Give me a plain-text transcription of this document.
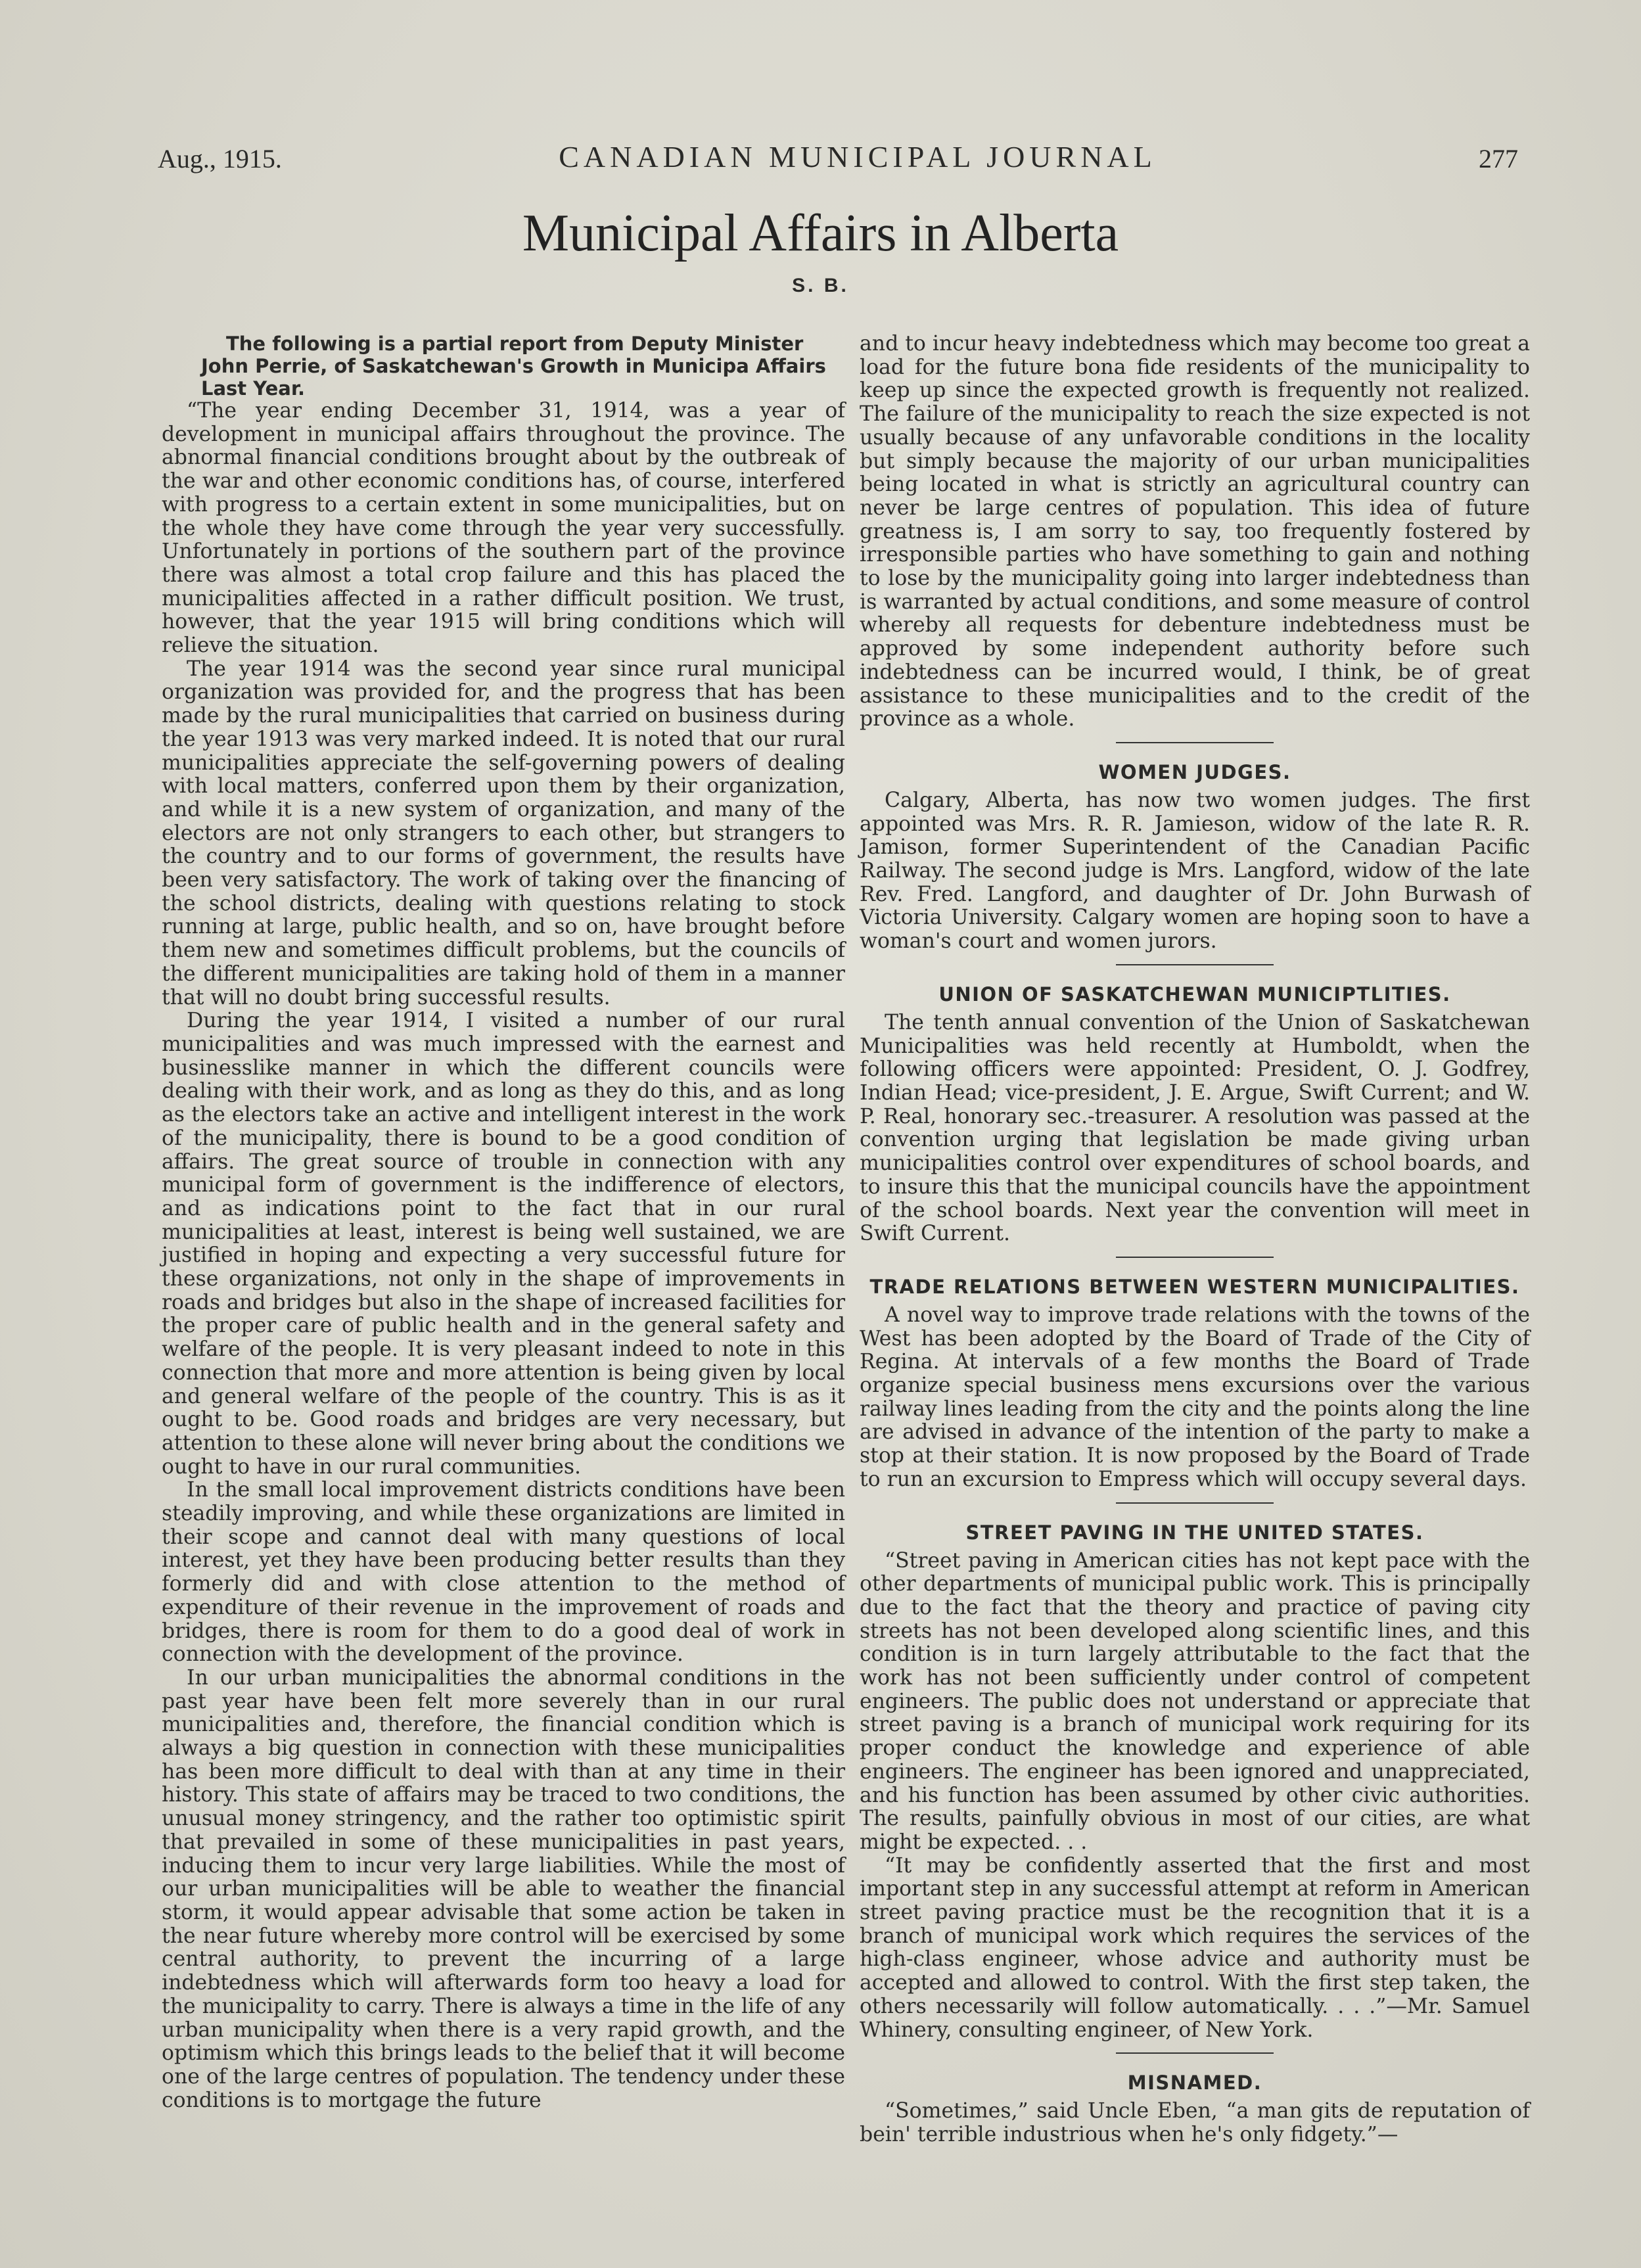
Aug., 1915.	CANADIAN MUNICIPAL JOURNAL	277
Municipal Affairs in Alberta
S. B.

The following is a partial report from Deputy Minister John Perrie, of Saskatchewan's Growth in Municipa Affairs Last Year.

“The year ending December 31, 1914, was a year of development in municipal affairs throughout the province. The abnormal financial conditions brought about by the outbreak of the war and other economic conditions has, of course, interfered with progress to a certain extent in some municipalities, but on the whole they have come through the year very successfully. Unfortunately in portions of the southern part of the province there was almost a total crop failure and this has placed the municipalities affected in a rather difficult position. We trust, however, that the year 1915 will bring conditions which will relieve the situation.

The year 1914 was the second year since rural municipal organization was provided for, and the progress that has been made by the rural municipalities that carried on business during the year 1913 was very marked indeed. It is noted that our rural municipalities appreciate the self-governing powers of dealing with local matters, conferred upon them by their organization, and while it is a new system of organization, and many of the electors are not only strangers to each other, but strangers to the country and to our forms of government, the results have been very satisfactory. The work of taking over the financing of the school districts, dealing with questions relating to stock running at large, public health, and so on, have brought before them new and sometimes difficult problems, but the councils of the different municipalities are taking hold of them in a manner that will no doubt bring successful results.

During the year 1914, I visited a number of our rural municipalities and was much impressed with the earnest and businesslike manner in which the different councils were dealing with their work, and as long as they do this, and as long as the electors take an active and intelligent interest in the work of the municipality, there is bound to be a good condition of affairs. The great source of trouble in connection with any municipal form of government is the indifference of electors, and as indications point to the fact that in our rural municipalities at least, interest is being well sustained, we are justified in hoping and expecting a very successful future for these organizations, not only in the shape of improvements in roads and bridges but also in the shape of increased facilities for the proper care of public health and in the general safety and welfare of the people. It is very pleasant indeed to note in this connection that more and more attention is being given by local and general welfare of the people of the country. This is as it ought to be. Good roads and bridges are very necessary, but attention to these alone will never bring about the conditions we ought to have in our rural communities.

In the small local improvement districts conditions have been steadily improving, and while these organizations are limited in their scope and cannot deal with many questions of local interest, yet they have been producing better results than they formerly did and with close attention to the method of expenditure of their revenue in the improvement of roads and bridges, there is room for them to do a good deal of work in connection with the development of the province.

In our urban municipalities the abnormal conditions in the past year have been felt more severely than in our rural municipalities and, therefore, the financial condition which is always a big question in connection with these municipalities has been more difficult to deal with than at any time in their history. This state of affairs may be traced to two conditions, the unusual money stringency, and the rather too optimistic spirit that prevailed in some of these municipalities in past years, inducing them to incur very large liabilities. While the most of our urban municipalities will be able to weather the financial storm, it would appear advisable that some action be taken in the near future whereby more control will be exercised by some central authority, to prevent the incurring of a large indebtedness which will afterwards form too heavy a load for the municipality to carry. There is always a time in the life of any urban municipality when there is a very rapid growth, and the optimism which this brings leads to the belief that it will become one of the large centres of population. The tendency under these conditions is to mortgage the future

and to incur heavy indebtedness which may become too great a load for the future bona fide residents of the municipality to keep up since the expected growth is frequently not realized. The failure of the municipality to reach the size expected is not usually because of any unfavorable conditions in the locality but simply because the majority of our urban municipalities being located in what is strictly an agricultural country can never be large centres of population. This idea of future greatness is, I am sorry to say, too frequently fostered by irresponsible parties who have something to gain and nothing to lose by the municipality going into larger indebtedness than is warranted by actual conditions, and some measure of control whereby all requests for debenture indebtedness must be approved by some independent authority before such indebtedness can be incurred would, I think, be of great assistance to these municipalities and to the credit of the province as a whole.

WOMEN JUDGES.

Calgary, Alberta, has now two women judges. The first appointed was Mrs. R. R. Jamieson, widow of the late R. R. Jamison, former Superintendent of the Canadian Pacific Railway. The second judge is Mrs. Langford, widow of the late Rev. Fred. Langford, and daughter of Dr. John Burwash of Victoria University. Calgary women are hoping soon to have a woman's court and women jurors.

UNION OF SASKATCHEWAN MUNICIPTLITIES.

The tenth annual convention of the Union of Saskatchewan Municipalities was held recently at Humboldt, when the following officers were appointed: President, O. J. Godfrey, Indian Head; vice-president, J. E. Argue, Swift Current; and W. P. Real, honorary sec.-treasurer. A resolution was passed at the convention urging that legislation be made giving urban municipalities control over expenditures of school boards, and to insure this that the municipal councils have the appointment of the school boards. Next year the convention will meet in Swift Current.

TRADE RELATIONS BETWEEN WESTERN MUNICIPALITIES.

A novel way to improve trade relations with the towns of the West has been adopted by the Board of Trade of the City of Regina. At intervals of a few months the Board of Trade organize special business mens excursions over the various railway lines leading from the city and the points along the line are advised in advance of the intention of the party to make a stop at their station. It is now proposed by the Board of Trade to run an excursion to Empress which will occupy several days.

STREET PAVING IN THE UNITED STATES.

“Street paving in American cities has not kept pace with the other departments of municipal public work. This is principally due to the fact that the theory and practice of paving city streets has not been developed along scientific lines, and this condition is in turn largely attributable to the fact that the work has not been sufficiently under control of competent engineers. The public does not understand or appreciate that street paving is a branch of municipal work requiring for its proper conduct the knowledge and experience of able engineers. The engineer has been ignored and unappreciated, and his function has been assumed by other civic authorities. The results, painfully obvious in most of our cities, are what might be expected. . .

“It may be confidently asserted that the first and most important step in any successful attempt at reform in American street paving practice must be the recognition that it is a branch of municipal work which requires the services of the high-class engineer, whose advice and authority must be accepted and allowed to control. With the first step taken, the others necessarily will follow automatically. . . .”—Mr. Samuel Whinery, consulting engineer, of New York.

MISNAMED.

“Sometimes,” said Uncle Eben, “a man gits de reputation of bein' terrible industrious when he's only fidgety.”—
